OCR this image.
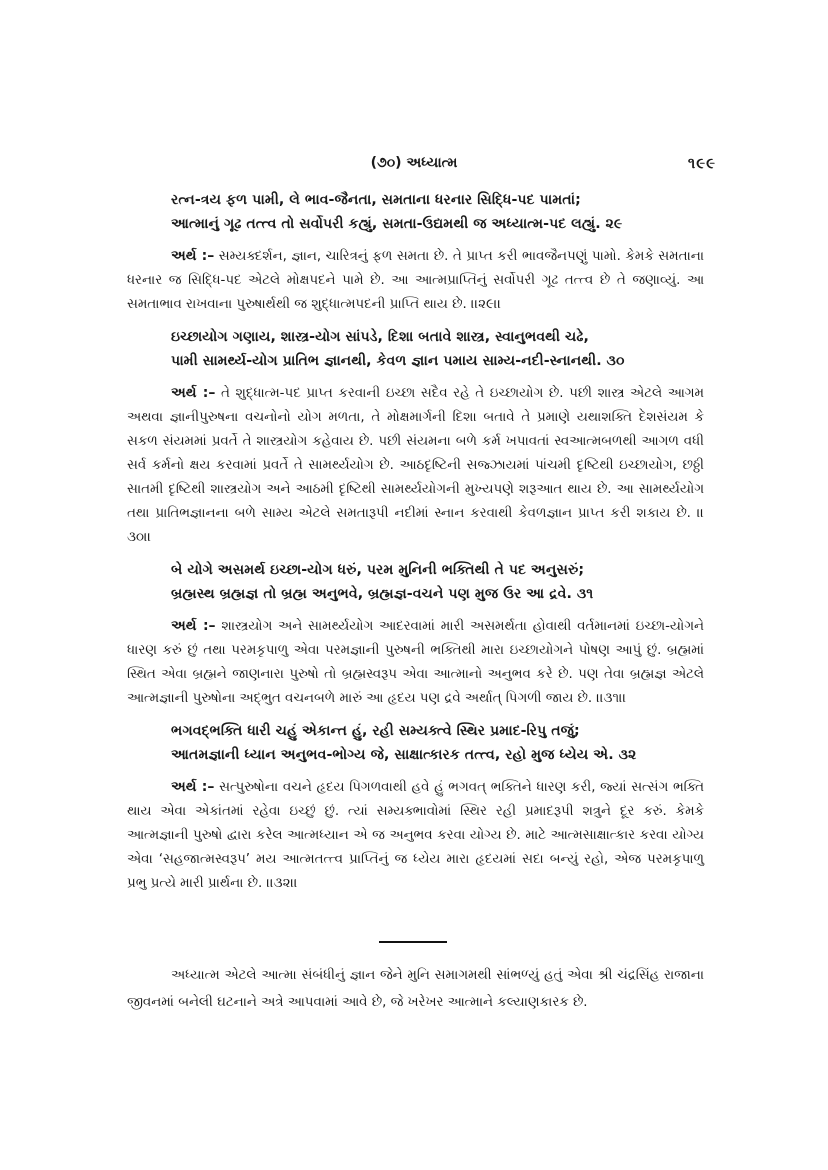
(૭૦) અધ્યાત્મ	૧૯૯
રત્ન-ત્રય ફળ પામી, લે ભાવ-જૈનતા, સમતાના ધરનાર સિદ્ધિ-પદ પામતાં;
આત્માનું ગૂઢ તત્ત્વ તો સર્વોપરી કહ્યું, સમતા-ઉદ્યમથી જ અધ્યાત્મ-પદ લહ્યું. ૨૯
અર્થ :– સમ્યક્દર્શન, જ્ઞાન, ચારિત્રનું ફળ સમતા છે. તે પ્રાપ્ત કરી ભાવજૈનપણું પામો. કેમકે સમતાના ધરનાર જ સિદ્ધિ-પદ એટલે મોક્ષપદને પામે છે. આ આત્મપ્રાપ્તિનું સર્વોપરી ગૂઢ તત્ત્વ છે તે જણાવ્યું. આ સમતાભાવ રાખવાના પુરુષાર્થથી જ શુદ્ધાત્મપદની પ્રાપ્તિ થાય છે. ।।૨૯।।
ઇચ્છાયોગ ગણાય, શાસ્ત્ર-યોગ સાંપડે, દિશા બતાવે શાસ્ત્ર, સ્વાનુભવથી ચઢે,
પામી સામર્થ્ય-યોગ પ્રાતિભ જ્ઞાનથી, કેવળ જ્ઞાન પમાય સામ્ય-નદી-સ્નાનથી. ૩૦
અર્થ :– તે શુદ્ધાત્મ-પદ પ્રાપ્ત કરવાની ઇચ્છા સદૈવ રહે તે ઇચ્છાયોગ છે. પછી શાસ્ત્ર એટલે આગમ અથવા જ્ઞાનીપુરુષના વચનોનો યોગ મળતા, તે મોક્ષમાર્ગની દિશા બતાવે તે પ્રમાણે યથાશક્તિ દેશસંયમ કે સકળ સંયમમાં પ્રવર્તે તે શાસ્ત્રયોગ કહેવાય છે. પછી સંયમના બળે કર્મ ખપાવતાં સ્વઆત્મબળથી આગળ વધી સર્વ કર્મનો ક્ષય કરવામાં પ્રવર્તે તે સામર્થ્યયોગ છે. આઠદૃષ્ટિની સજ્ઝાયમાં પાંચમી દૃષ્ટિથી ઇચ્છાયોગ, છઠ્ઠી સાતમી દૃષ્ટિથી શાસ્ત્રયોગ અને આઠમી દૃષ્ટિથી સામર્થ્યયોગની મુખ્યપણે શરૂઆત થાય છે. આ સામર્થ્યયોગ તથા પ્રાતિભજ્ઞાનના બળે સામ્ય એટલે સમતારૂપી નદીમાં સ્નાન કરવાથી કેવળજ્ઞાન પ્રાપ્ત કરી શકાય છે. ।।૩૦।।
બે યોગે અસમર્થ ઇચ્છા-યોગ ધરું, પરમ મુનિની ભક્તિથી તે પદ અનુસરું;
બ્રહ્મસ્થ બ્રહ્મજ્ઞ તો બ્રહ્મ અનુભવે, બ્રહ્મજ્ઞ-વચને પણ મુજ ઉર આ દ્રવે. ૩૧
અર્થ :– શાસ્ત્રયોગ અને સામર્થ્યયોગ આદરવામાં મારી અસમર્થતા હોવાથી વર્તમાનમાં ઇચ્છા-યોગને ધારણ કરું છું તથા પરમકૃપાળુ એવા પરમજ્ઞાની પુરુષની ભક્તિથી મારા ઇચ્છાયોગને પોષણ આપું છું. બ્રહ્મમાં સ્થિત એવા બ્રહ્મને જાણનારા પુરુષો તો બ્રહ્મસ્વરૂપ એવા આત્માનો અનુભવ કરે છે. પણ તેવા બ્રહ્મજ્ઞ એટલે આત્મજ્ઞાની પુરુષોના અદ્ભુત વચનબળે મારું આ હૃદય પણ દ્રવે અર્થાત્ પિગળી જાય છે. ।।૩૧।।
ભગવદ્ભક્તિ ધારી ચહું એકાન્ત હું, રહી સમ્યક્ત્વે સ્થિર પ્રમાદ-રિપુ તજું;
આતમજ્ઞાની ધ્યાન અનુભવ-ભોગ્ય જે, સાક્ષાત્કારક તત્ત્વ, રહો મુજ ધ્યેય એ. ૩૨
અર્થ :– સત્પુરુષોના વચને હૃદય પિગળવાથી હવે હું ભગવત્ ભક્તિને ધારણ કરી, જ્યાં સત્સંગ ભક્તિ થાય એવા એકાંતમાં રહેવા ઇચ્છું છું. ત્યાં સમ્યક્ભાવોમાં સ્થિર રહી પ્રમાદરૂપી શત્રુને દૂર કરું. કેમકે આત્મજ્ઞાની પુરુષો દ્વારા કરેલ આત્મધ્યાન એ જ અનુભવ કરવા યોગ્ય છે. માટે આત્મસાક્ષાત્કાર કરવા યોગ્ય એવા ‘સહજાત્મસ્વરૂપ’ મય આત્મતત્ત્વ પ્રાપ્તિનું જ ધ્યેય મારા હૃદયમાં સદા બન્યું રહો, એજ પરમકૃપાળુ પ્રભુ પ્રત્યે મારી પ્રાર્થના છે. ।।૩૨।।
અધ્યાત્મ એટલે આત્મા સંબંધીનું જ્ઞાન જેને મુનિ સમાગમથી સાંભળ્યું હતું એવા શ્રી ચંદ્રસિંહ રાજાના જીવનમાં બનેલી ઘટનાને અત્રે આપવામાં આવે છે, જે ખરેખર આત્માને કલ્યાણકારક છે.
